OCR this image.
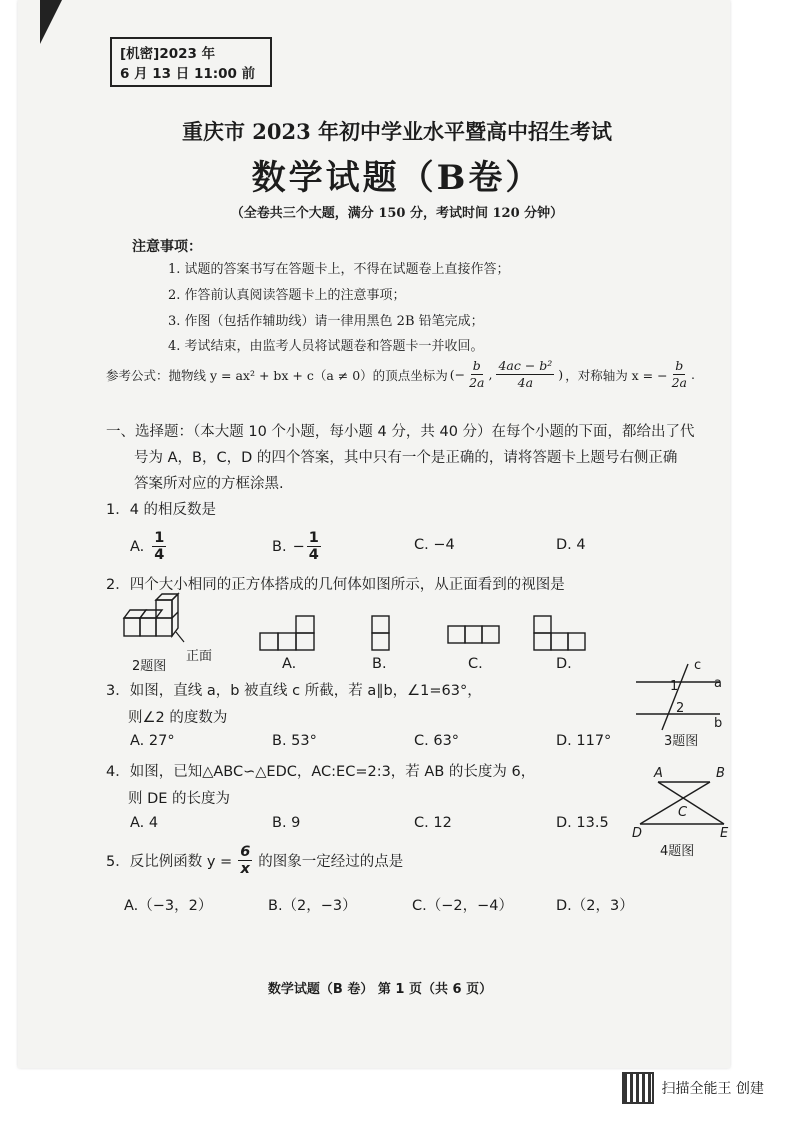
[机密]2023 年
6 月 13 日 11:00 前
重庆市 2023 年初中学业水平暨高中招生考试
数学试题（B卷）
（全卷共三个大题，满分 150 分，考试时间 120 分钟）
注意事项：
1. 试题的答案书写在答题卡上，不得在试题卷上直接作答；
2. 作答前认真阅读答题卡上的注意事项；
3. 作图（包括作辅助线）请一律用黑色 2B 铅笔完成；
4. 考试结束，由监考人员将试题卷和答题卡一并收回。
参考公式：抛物线 y = ax² + bx + c（a ≠ 0）的顶点坐标为 (− $\frac{b}{2a}$ , $\frac{\text{4ac − b²}}{4a}$ ) ，对称轴为 x = − $\frac{b}{2a}$ .
一、选择题：（本大题 10 个小题，每小题 4 分，共 40 分）在每个小题的下面，都给出了代
号为 A，B，C，D 的四个答案，其中只有一个是正确的，请将答题卡上题号右侧正确
答案所对应的方框涂黑.
1．4 的相反数是
A. $\frac{1}{4}$	B. − $\frac{1}{4}$	C. −4	D. 4
2．四个大小相同的正方体搭成的几何体如图所示，从正面看到的视图是
正面
2题图	A.	B.	C.	D.
3．如图，直线 a，b 被直线 c 所截，若 a∥b，∠1=63°，
则∠2 的度数为
A. 27°	B. 53°	C. 63°	D. 117°
c
a
b
1
2
3题图
4．如图，已知△ABC∽△EDC，AC:EC=2:3，若 AB 的长度为 6，
则 DE 的长度为
A. 4	B. 9	C. 12	D. 13.5
A	B
C
D	E
4题图
5．反比例函数 $y = \frac{6}{x}$ 的图象一定经过的点是
A.（−3，2）	B.（2，−3）	C.（−2，−4）	D.（2，3）
数学试题（B 卷） 第 1 页（共 6 页）
扫描全能王 创建
